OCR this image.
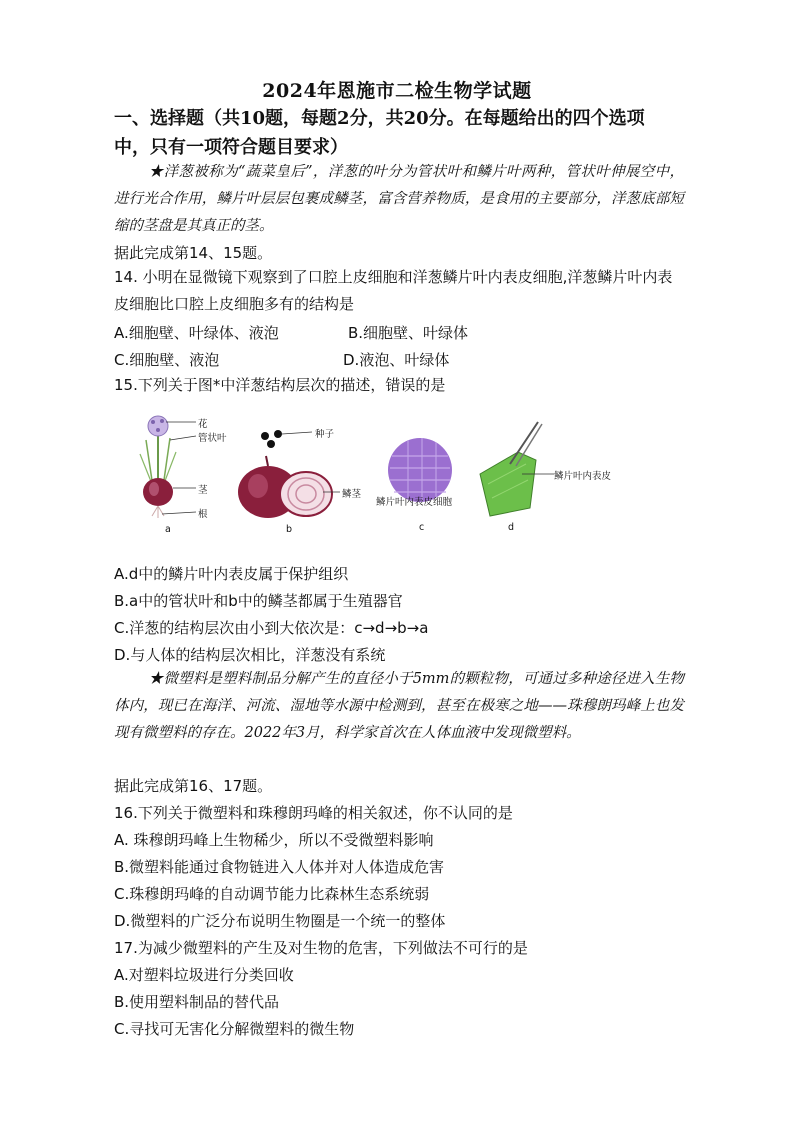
2024年恩施市二检生物学试题
一、选择题（共10题，每题2分，共20分。在每题给出的四个选项
中，只有一项符合题目要求）
★洋葱被称为“蔬菜皇后”，洋葱的叶分为管状叶和鳞片叶两种，管状叶伸展空中，进行光合作用，鳞片叶层层包裹成鳞茎，富含营养物质，是食用的主要部分，洋葱底部短缩的茎盘是其真正的茎。
据此完成第14、15题。
14. 小明在显微镜下观察到了口腔上皮细胞和洋葱鳞片叶内表皮细胞,洋葱鳞片叶内表皮细胞比口腔上皮细胞多有的结构是
A.细胞壁、叶绿体、液泡	B.细胞壁、叶绿体
C.细胞壁、液泡	D.液泡、叶绿体
15.下列关于图*中洋葱结构层次的描述，错误的是
花
管状叶
茎
根
种子
鳞茎
鳞片叶内表皮细胞
鳞片叶内表皮
a	b	c	d
A.d中的鳞片叶内表皮属于保护组织
B.a中的管状叶和b中的鳞茎都属于生殖器官
C.洋葱的结构层次由小到大依次是：c→d→b→a
D.与人体的结构层次相比，洋葱没有系统
★微塑料是塑料制品分解产生的直径小于5mm的颗粒物，可通过多种途径进入生物体内，现已在海洋、河流、湿地等水源中检测到，甚至在极寒之地——珠穆朗玛峰上也发现有微塑料的存在。2022年3月，科学家首次在人体血液中发现微塑料。
据此完成第16、17题。
16.下列关于微塑料和珠穆朗玛峰的相关叙述，你不认同的是
A. 珠穆朗玛峰上生物稀少，所以不受微塑料影响
B.微塑料能通过食物链进入人体并对人体造成危害
C.珠穆朗玛峰的自动调节能力比森林生态系统弱
D.微塑料的广泛分布说明生物圈是一个统一的整体
17.为减少微塑料的产生及对生物的危害，下列做法不可行的是
A.对塑料垃圾进行分类回收
B.使用塑料制品的替代品
C.寻找可无害化分解微塑料的微生物
